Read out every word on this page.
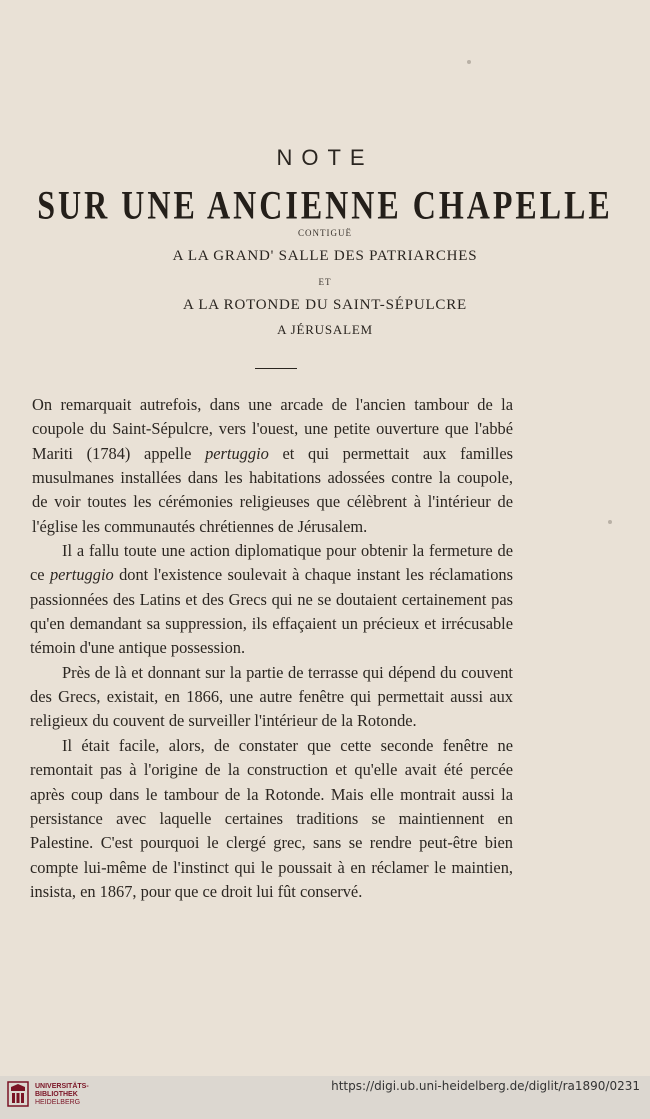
NOTE
SUR UNE ANCIENNE CHAPELLE
CONTIGUË
A LA GRAND' SALLE DES PATRIARCHES
ET
A LA ROTONDE DU SAINT-SÉPULCRE
A JÉRUSALEM

On remarquait autrefois, dans une arcade de l'ancien tambour de la coupole du Saint-Sépulcre, vers l'ouest, une petite ouverture que l'abbé Mariti (1784) appelle pertuggio et qui permettait aux familles musulmanes installées dans les habitations adossées contre la coupole, de voir toutes les cérémonies religieuses que célèbrent à l'intérieur de l'église les communautés chrétiennes de Jérusalem.

Il a fallu toute une action diplomatique pour obtenir la fermeture de ce pertuggio dont l'existence soulevait à chaque instant les réclamations passionnées des Latins et des Grecs qui ne se doutaient certainement pas qu'en demandant sa suppression, ils effaçaient un précieux et irrécusable témoin d'une antique possession.

Près de là et donnant sur la partie de terrasse qui dépend du couvent des Grecs, existait, en 1866, une autre fenêtre qui permettait aussi aux religieux du couvent de surveiller l'intérieur de la Rotonde.

Il était facile, alors, de constater que cette seconde fenêtre ne remontait pas à l'origine de la construction et qu'elle avait été percée après coup dans le tambour de la Rotonde. Mais elle montrait aussi la persistance avec laquelle certaines traditions se maintiennent en Palestine. C'est pourquoi le clergé grec, sans se rendre peut-être bien compte lui-même de l'instinct qui le poussait à en réclamer le maintien, insista, en 1867, pour que ce droit lui fût conservé.

UNIVERSITÄTS-
BIBLIOTHEK
HEIDELBERG
https://digi.ub.uni-heidelberg.de/diglit/ra1890/0231
